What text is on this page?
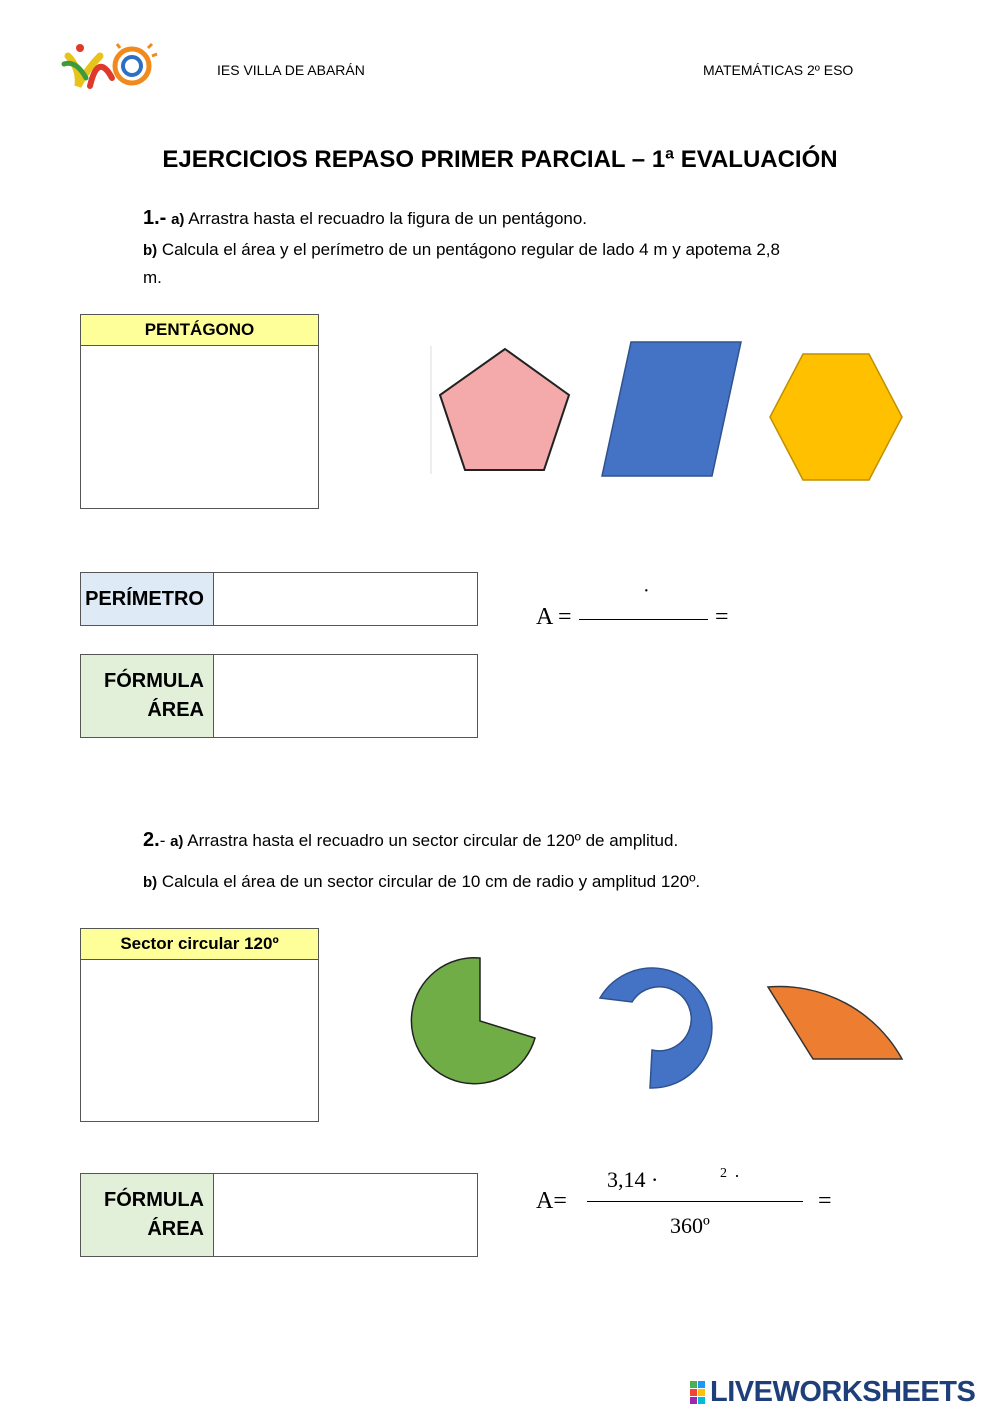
IES VILLA DE ABARÁN	MATEMÁTICAS 2º ESO
EJERCICIOS REPASO PRIMER PARCIAL – 1ª EVALUACIÓN
1.- a) Arrastra hasta el recuadro la figura de un pentágono.
b) Calcula el área y el perímetro de un pentágono regular de lado 4 m y apotema 2,8
m.
PENTÁGONO
PERÍMETRO
A =
·
=
FÓRMULA
ÁREA
2.- a) Arrastra hasta el recuadro un sector circular de 120º de amplitud.
b) Calcula el área de un sector circular de 10 cm de radio y amplitud 120º.
Sector circular 120º
FÓRMULA
ÁREA
A=
3,14 ·	2 ·
360º
=
LIVEWORKSHEETS
